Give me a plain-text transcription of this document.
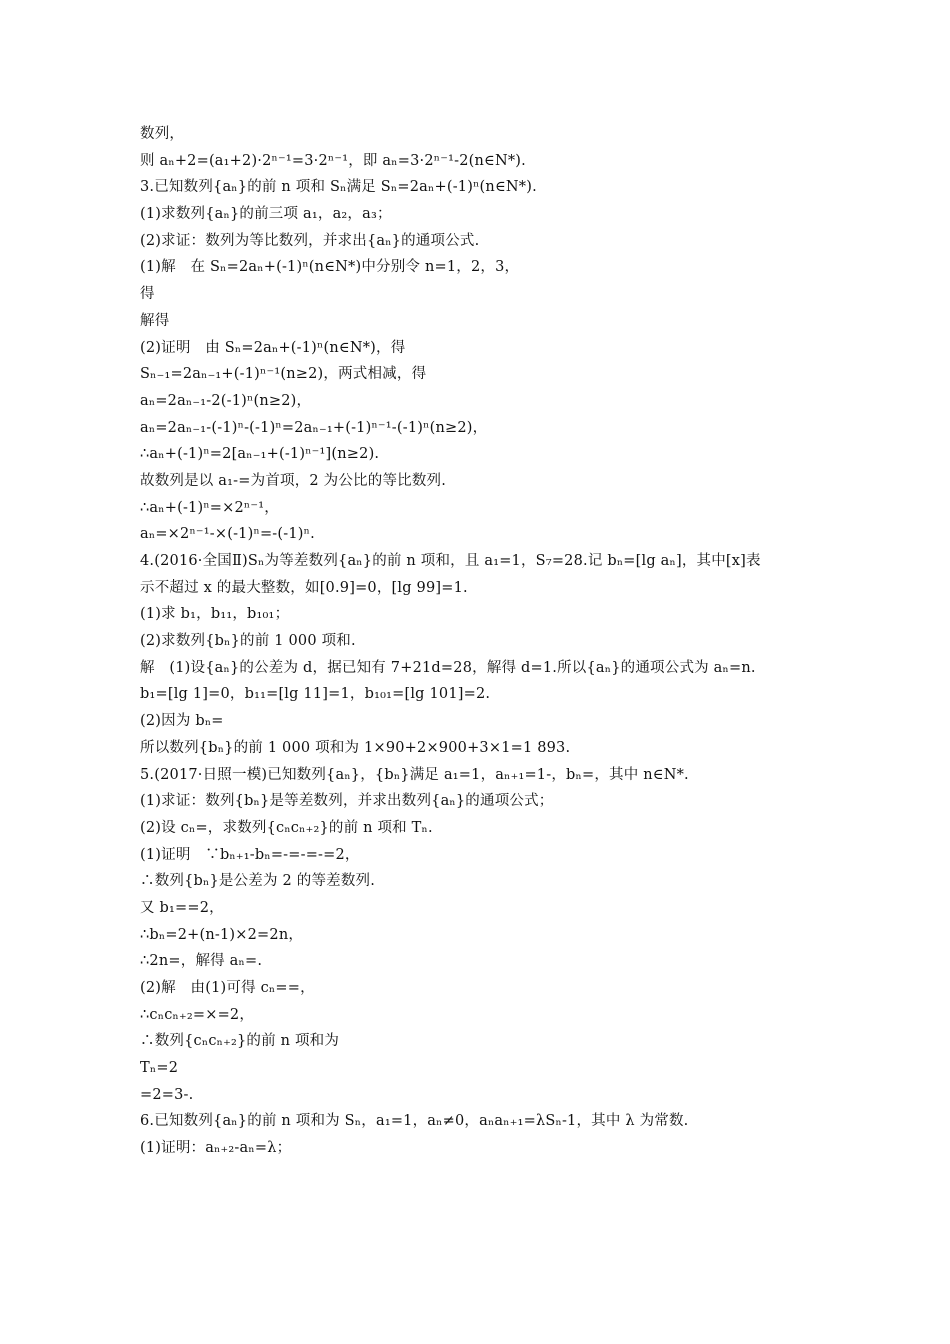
数列，
则 aₙ+2=(a₁+2)·2ⁿ⁻¹=3·2ⁿ⁻¹，即 aₙ=3·2ⁿ⁻¹-2(n∈N*).
3.已知数列{aₙ}的前 n 项和 Sₙ满足 Sₙ=2aₙ+(-1)ⁿ(n∈N*).
(1)求数列{aₙ}的前三项 a₁，a₂，a₃；
(2)求证：数列为等比数列，并求出{aₙ}的通项公式.
(1)解　在 Sₙ=2aₙ+(-1)ⁿ(n∈N*)中分别令 n=1，2，3，
得
解得
(2)证明　由 Sₙ=2aₙ+(-1)ⁿ(n∈N*)，得
Sₙ₋₁=2aₙ₋₁+(-1)ⁿ⁻¹(n≥2)，两式相减，得
aₙ=2aₙ₋₁-2(-1)ⁿ(n≥2)，
aₙ=2aₙ₋₁-(-1)ⁿ-(-1)ⁿ=2aₙ₋₁+(-1)ⁿ⁻¹-(-1)ⁿ(n≥2)，
∴aₙ+(-1)ⁿ=2[aₙ₋₁+(-1)ⁿ⁻¹](n≥2).
故数列是以 a₁-=为首项，2 为公比的等比数列.
∴aₙ+(-1)ⁿ=×2ⁿ⁻¹，
aₙ=×2ⁿ⁻¹-×(-1)ⁿ=-(-1)ⁿ.
4.(2016·全国Ⅱ)Sₙ为等差数列{aₙ}的前 n 项和，且 a₁=1，S₇=28.记 bₙ=[lg aₙ]，其中[x]表
示不超过 x 的最大整数，如[0.9]=0，[lg 99]=1.
(1)求 b₁，b₁₁，b₁₀₁；
(2)求数列{bₙ}的前 1 000 项和.
解　(1)设{aₙ}的公差为 d，据已知有 7+21d=28，解得 d=1.所以{aₙ}的通项公式为 aₙ=n.
b₁=[lg 1]=0，b₁₁=[lg 11]=1，b₁₀₁=[lg 101]=2.
(2)因为 bₙ=
所以数列{bₙ}的前 1 000 项和为 1×90+2×900+3×1=1 893.
5.(2017·日照一模)已知数列{aₙ}，{bₙ}满足 a₁=1，aₙ₊₁=1-，bₙ=，其中 n∈N*.
(1)求证：数列{bₙ}是等差数列，并求出数列{aₙ}的通项公式；
(2)设 cₙ=，求数列{cₙcₙ₊₂}的前 n 项和 Tₙ.
(1)证明　∵bₙ₊₁-bₙ=-=-=-=2，
∴数列{bₙ}是公差为 2 的等差数列.
又 b₁==2，
∴bₙ=2+(n-1)×2=2n，
∴2n=，解得 aₙ=.
(2)解　由(1)可得 cₙ==，
∴cₙcₙ₊₂=×=2，
∴数列{cₙcₙ₊₂}的前 n 项和为
Tₙ=2
=2=3-.
6.已知数列{aₙ}的前 n 项和为 Sₙ，a₁=1，aₙ≠0，aₙaₙ₊₁=λSₙ-1，其中 λ 为常数.
(1)证明：aₙ₊₂-aₙ=λ；
